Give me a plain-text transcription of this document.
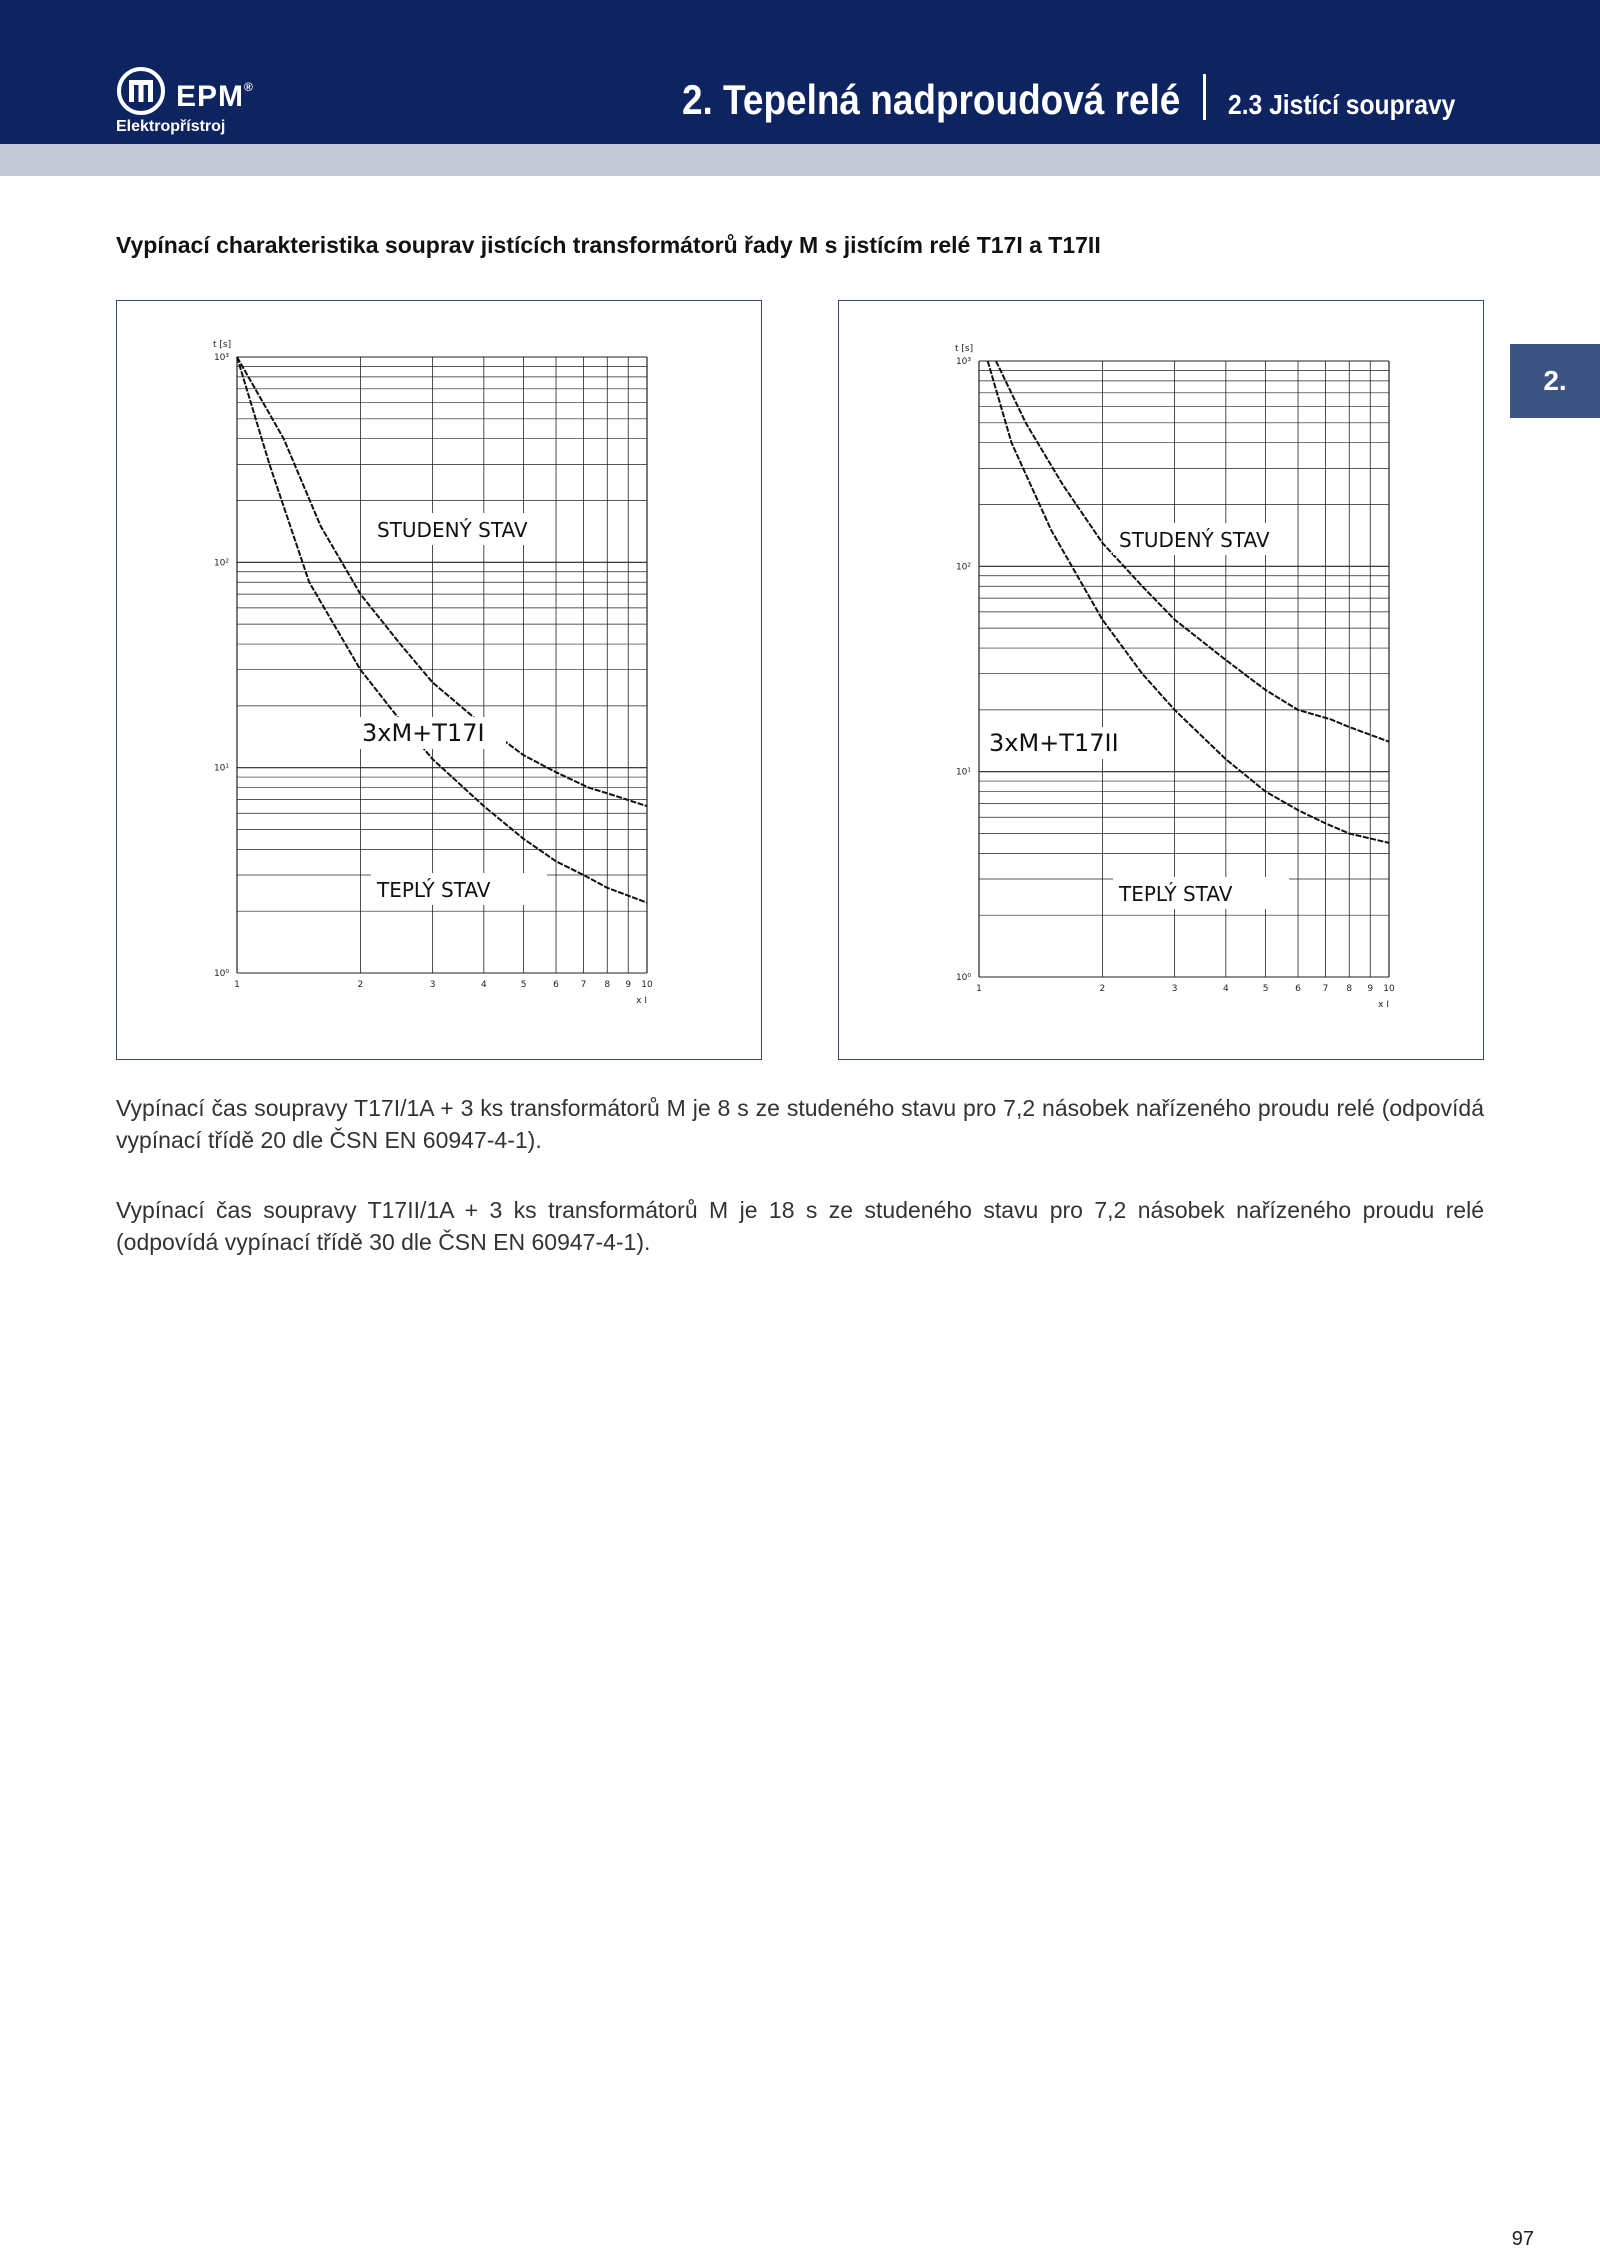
EPM®
Elektropřístroj
2. Tepelná nadproudová relé 2.3 Jistící soupravy
2.
Vypínací charakteristika souprav jistících transformátorů řady M s jistícím relé T17I a T17II
1	2	3	4	5	6 7 8 9 10
10⁰
10¹
10²
10³
t [s]
x I
STUDENÝ STAV
3xM+T17I
TEPLÝ STAV
1	2	3	4	5	6 7 8 9 10
10⁰
10¹
10²
10³
t [s]
x I
STUDENÝ STAV
3xM+T17II
TEPLÝ STAV
Vypínací čas soupravy T17I/1A + 3 ks transformátorů M je 8 s ze studeného stavu pro 7,2 násobek nařízeného proudu relé (odpovídá vypínací třídě 20 dle ČSN EN 60947-4-1).
Vypínací čas soupravy T17II/1A + 3 ks transformátorů M je 18 s ze studeného stavu pro 7,2 násobek nařízeného proudu relé (odpovídá vypínací třídě 30 dle ČSN EN 60947-4-1).
97
